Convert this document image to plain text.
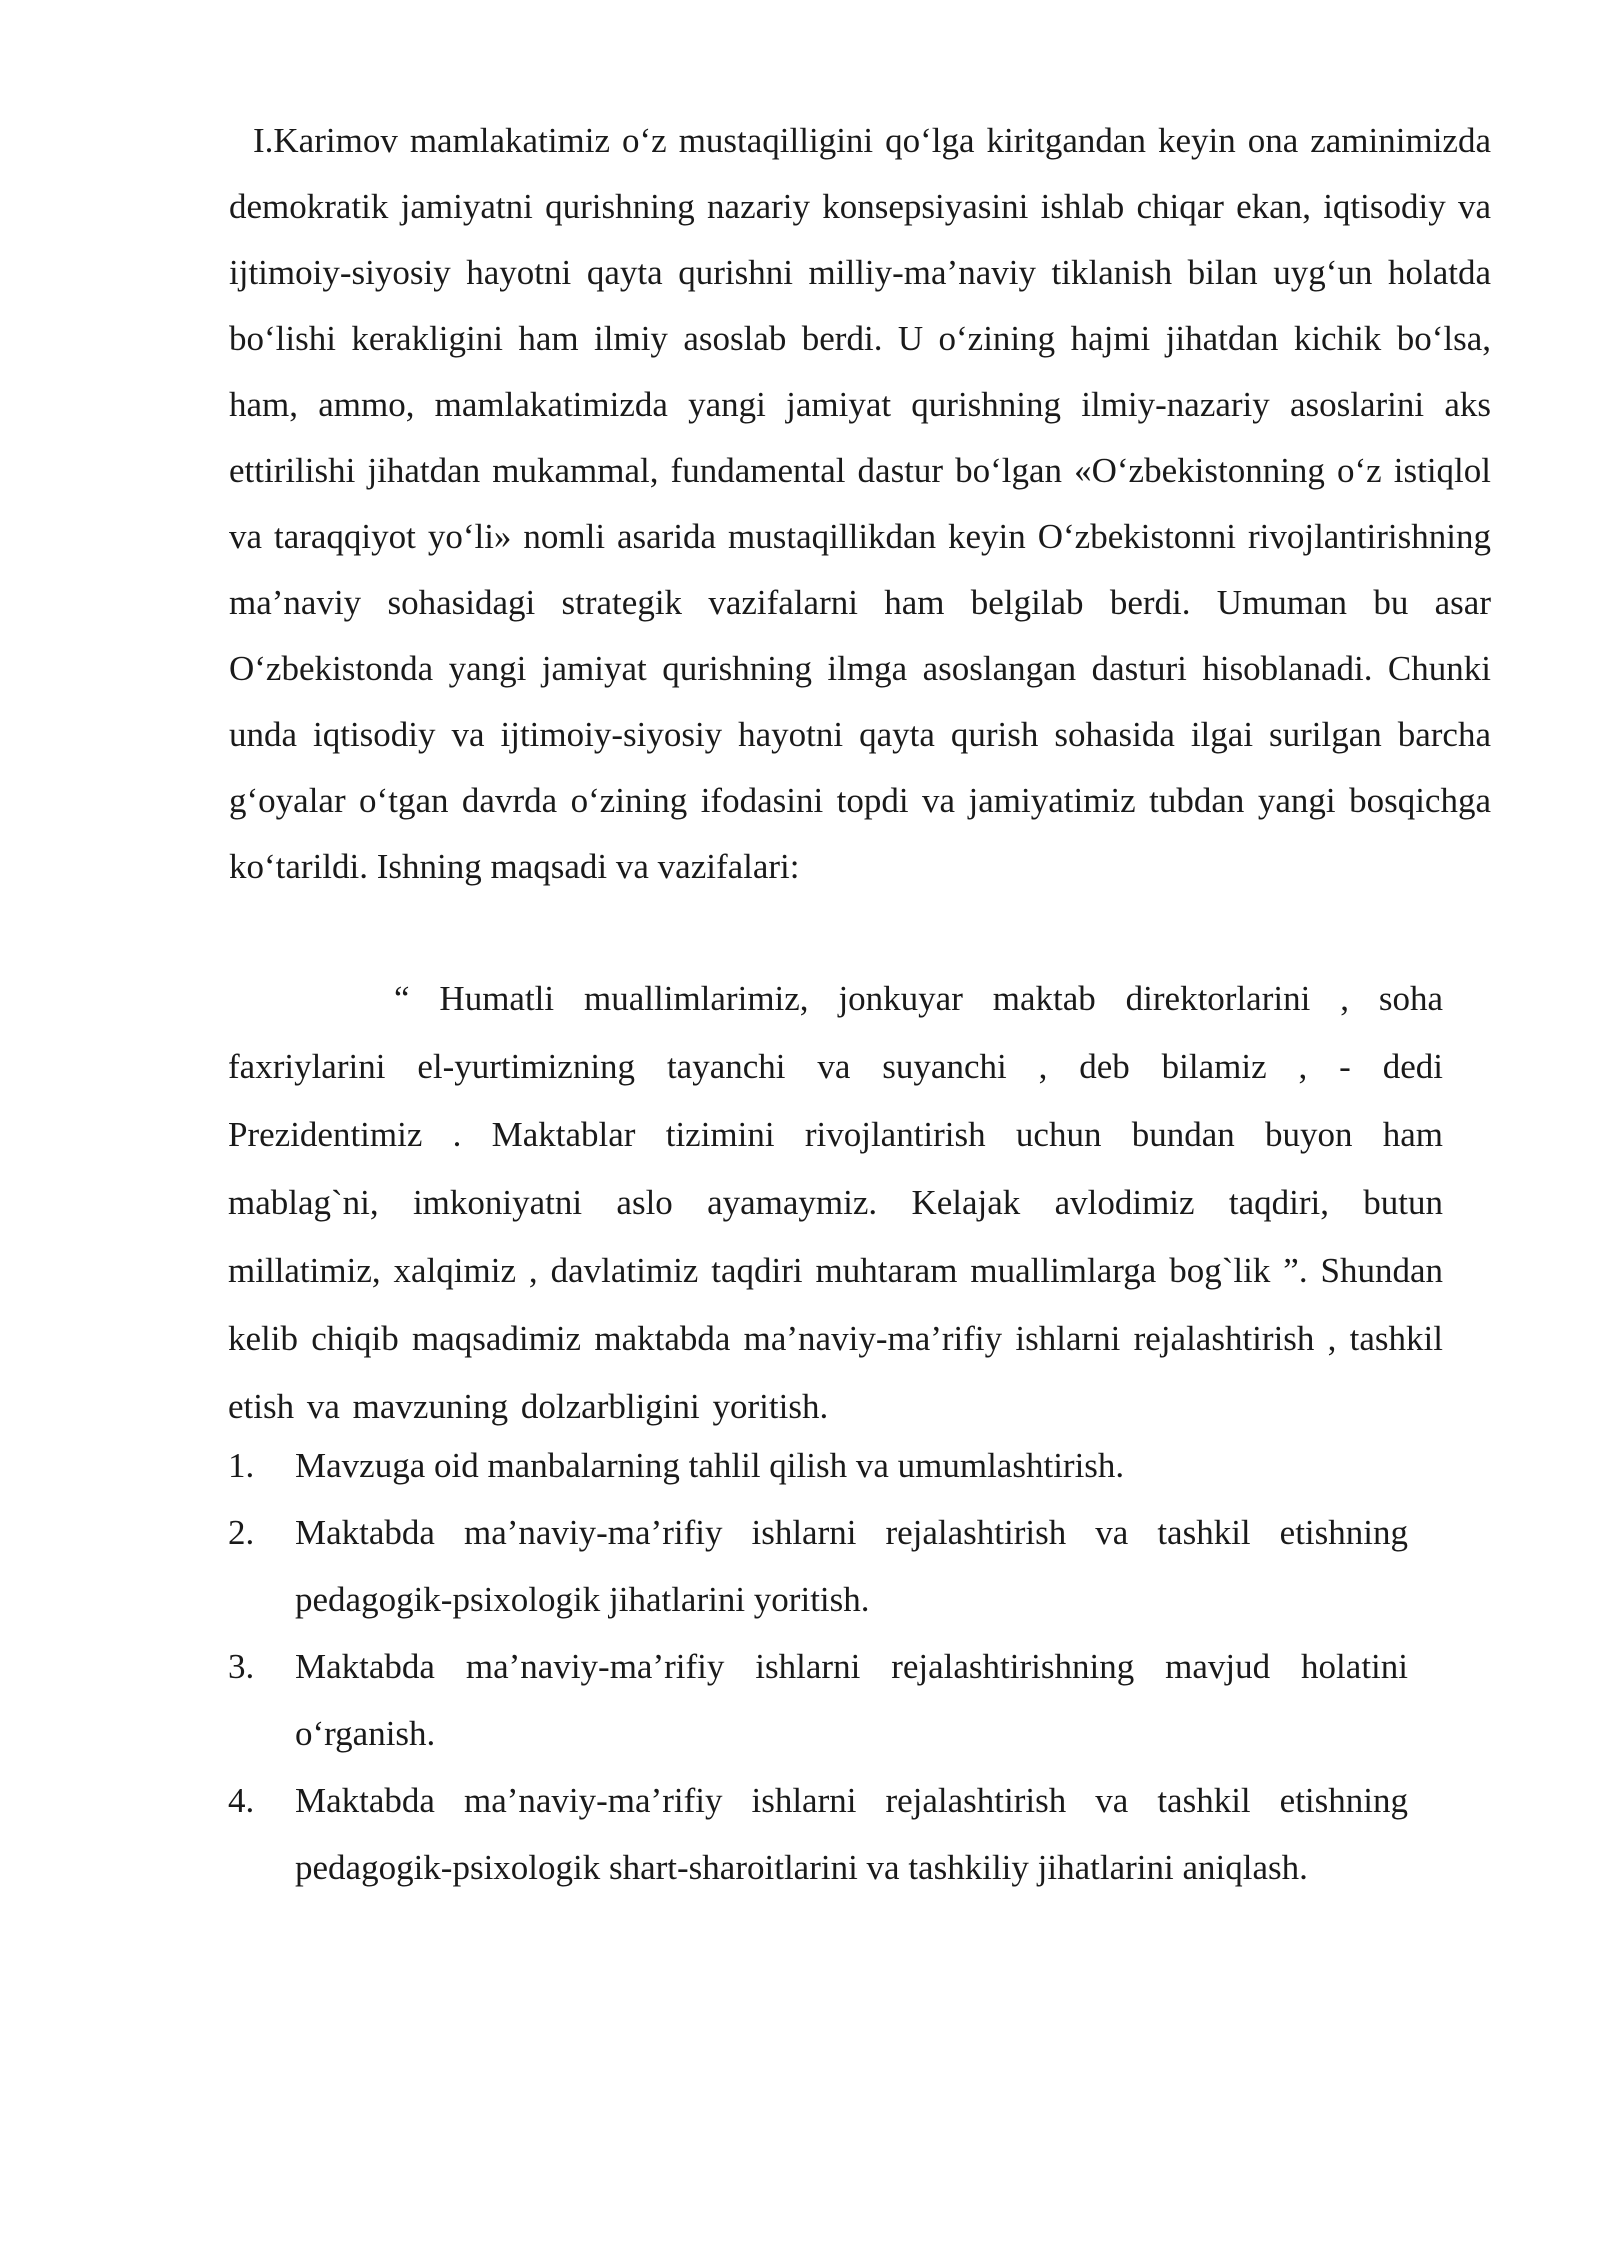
I.Karimov mamlakatimiz o‘z mustaqilligini qo‘lga kiritgandan keyin ona zaminimizda demokratik jamiyatni qurishning nazariy konsepsiyasini ishlab chiqar ekan, iqtisodiy va ijtimoiy-siyosiy hayotni qayta qurishni milliy-ma’naviy tiklanish bilan uyg‘un holatda bo‘lishi kerakligini ham ilmiy asoslab berdi. U o‘zining hajmi jihatdan kichik bo‘lsa, ham, ammo, mamlakatimizda yangi jamiyat qurishning ilmiy-nazariy asoslarini aks ettirilishi jihatdan mukammal, fundamental dastur bo‘lgan «O‘zbekistonning o‘z istiqlol va taraqqiyot yo‘li» nomli asarida mustaqillikdan keyin O‘zbekistonni rivojlantirishning ma’naviy sohasidagi strategik vazifalarni ham belgilab berdi. Umuman bu asar O‘zbekistonda yangi jamiyat qurishning ilmga asoslangan dasturi hisoblanadi. Chunki unda iqtisodiy va ijtimoiy-siyosiy hayotni qayta qurish sohasida ilgai surilgan barcha g‘oyalar o‘tgan davrda o‘zining ifodasini topdi va jamiyatimiz tubdan yangi bosqichga ko‘tarildi. Ishning maqsadi va vazifalari:

“ Humatli muallimlarimiz, jonkuyar maktab direktorlarini , soha faxriylarini el-yurtimizning tayanchi va suyanchi , deb bilamiz , - dedi Prezidentimiz . Maktablar tizimini rivojlantirish uchun bundan buyon ham mablag`ni, imkoniyatni aslo ayamaymiz. Kelajak avlodimiz taqdiri, butun millatimiz, xalqimiz , davlatimiz taqdiri muhtaram muallimlarga bog`lik ”. Shundan kelib chiqib maqsadimiz maktabda ma’naviy-ma’rifiy ishlarni rejalashtirish , tashkil etish va mavzuning dolzarbligini yoritish.

1. Mavzuga oid manbalarning tahlil qilish va umumlashtirish.
2. Maktabda ma’naviy-ma’rifiy ishlarni rejalashtirish va tashkil etishning pedagogik-psixologik jihatlarini yoritish.
3. Maktabda ma’naviy-ma’rifiy ishlarni rejalashtirishning mavjud holatini o‘rganish.
4. Maktabda ma’naviy-ma’rifiy ishlarni rejalashtirish va tashkil etishning pedagogik-psixologik shart-sharoitlarini va tashkiliy jihatlarini aniqlash.
